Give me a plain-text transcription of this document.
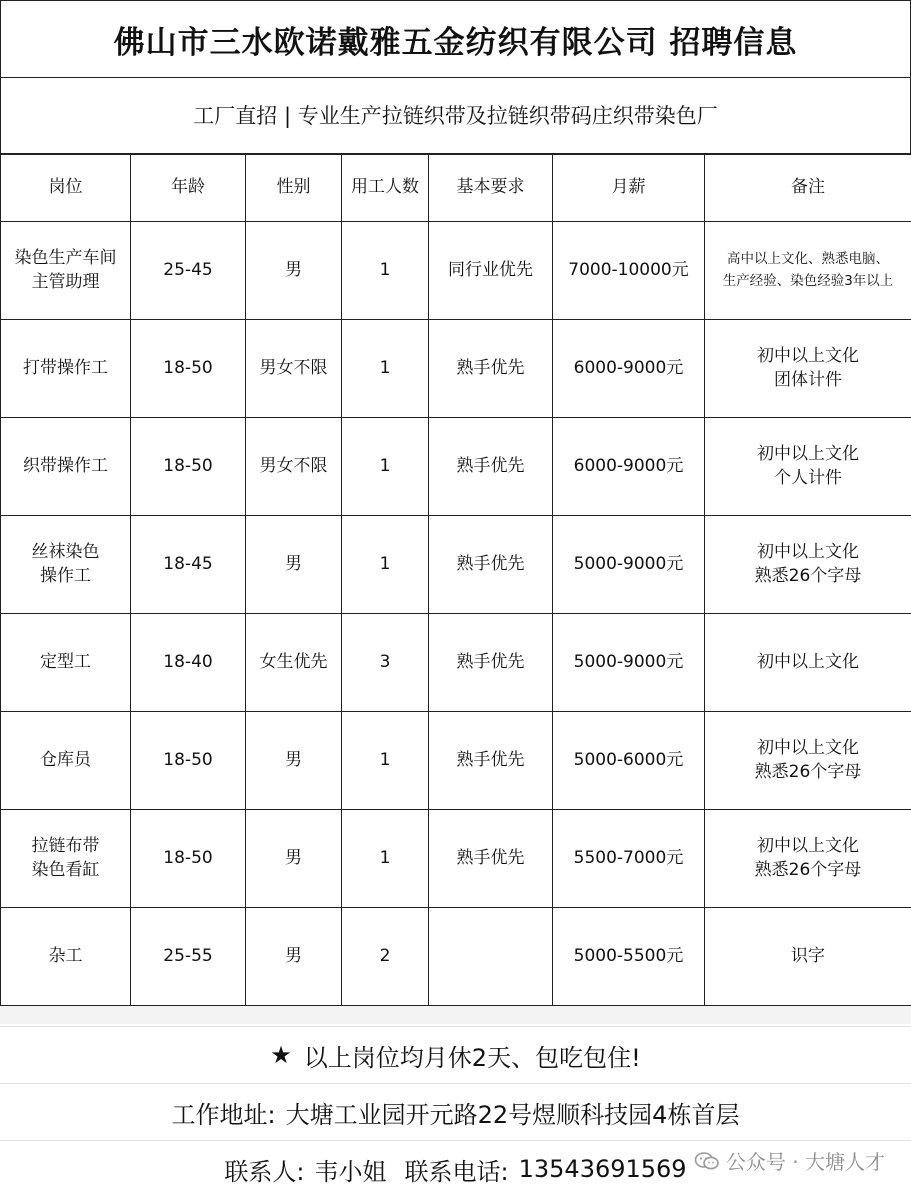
佛山市三水欧诺戴雅五金纺织有限公司 招聘信息
工厂直招 | 专业生产拉链织带及拉链织带码庄织带染色厂
岗位	年龄	性别	用工人数	基本要求	月薪	备注
染色生产车间
主管助理	25-45	男	1	同行业优先	7000-10000元	高中以上文化、熟悉电脑、
生产经验、染色经验3年以上
打带操作工	18-50	男女不限	1	熟手优先	6000-9000元	初中以上文化
团体计件
织带操作工	18-50	男女不限	1	熟手优先	6000-9000元	初中以上文化
个人计件
丝袜染色
操作工	18-45	男	1	熟手优先	5000-9000元	初中以上文化
熟悉26个字母
定型工	18-40	女生优先	3	熟手优先	5000-9000元	初中以上文化
仓库员	18-50	男	1	熟手优先	5000-6000元	初中以上文化
熟悉26个字母
拉链布带
染色看缸	18-50	男	1	熟手优先	5500-7000元	初中以上文化
熟悉26个字母
杂工	25-55	男	2		5000-5500元	识字
★ 以上岗位均月休2天、包吃包住!
工作地址: 大塘工业园开元路22号煜顺科技园4栋首层
联系人: 韦小姐 联系电话: 13543691569 公众号 · 大塘人才
